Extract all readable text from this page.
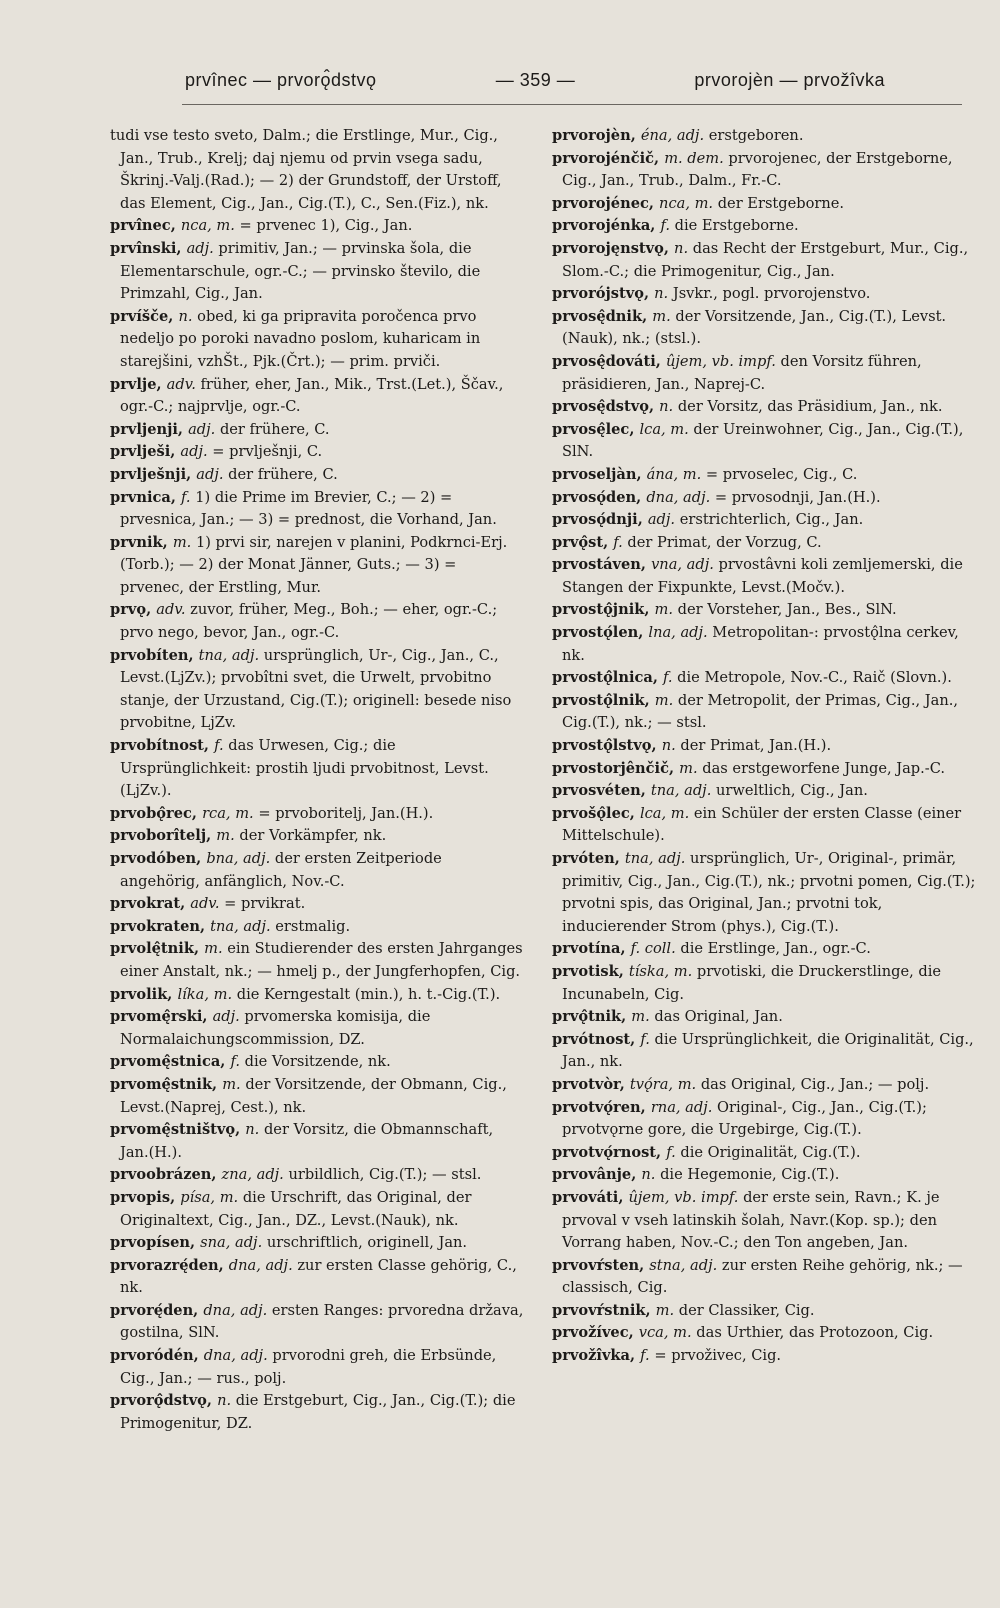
prvînec — prvorǫ̂dstvǫ	— 359 —	prvorojèn — prvožîvka

tudi vse testo sveto, Dalm.; die Erstlinge, Mur., Cig., Jan., Trub., Krelj; daj njemu od prvin vsega sadu, Škrinj.-Valj.(Rad.); — 2) der Grundstoff, der Urstoff, das Element, Cig., Jan., Cig.(T.), C., Sen.(Fiz.), nk.

prvînec, nca, m. = prvenec 1), Cig., Jan.

prvînski, adj. primitiv, Jan.; — prvinska šola, die Elementarschule, ogr.-C.; — prvinsko število, die Primzahl, Cig., Jan.

prvíšče, n. obed, ki ga pripravita poročenca prvo nedeljo po poroki navadno poslom, kuharicam in starejšini, vzhŠt., Pjk.(Črt.); — prim. prviči.

prvlje, adv. früher, eher, Jan., Mik., Trst.(Let.), Ščav., ogr.-C.; najprvlje, ogr.-C.

prvljenji, adj. der frühere, C.

prvlješi, adj. = prvlješnji, C.

prvlješnji, adj. der frühere, C.

prvnica, f. 1) die Prime im Brevier, C.; — 2) = prvesnica, Jan.; — 3) = prednost, die Vorhand, Jan.

prvnik, m. 1) prvi sir, narejen v planini, Podkrnci-Erj.(Torb.); — 2) der Monat Jänner, Guts.; — 3) = prvenec, der Erstling, Mur.

prvǫ, adv. zuvor, früher, Meg., Boh.; — eher, ogr.-C.; prvo nego, bevor, Jan., ogr.-C.

prvobíten, tna, adj. ursprünglich, Ur-, Cig., Jan., C., Levst.(LjZv.); prvobîtni svet, die Urwelt, prvobitno stanje, der Urzustand, Cig.(T.); originell: besede niso prvobitne, LjZv.

prvobítnost, f. das Urwesen, Cig.; die Ursprünglichkeit: prostih ljudi prvobitnost, Levst.(LjZv.).

prvobǫ̂rec, rca, m. = prvoboritelj, Jan.(H.).

prvoborîtelj, m. der Vorkämpfer, nk.

prvodóben, bna, adj. der ersten Zeitperiode angehörig, anfänglich, Nov.-C.

prvokrat, adv. = prvikrat.

prvokraten, tna, adj. erstmalig.

prvolę̂tnik, m. ein Studierender des ersten Jahrganges einer Anstalt, nk.; — hmelj p., der Jungferhopfen, Cig.

prvolik, líka, m. die Kerngestalt (min.), h. t.-Cig.(T.).

prvomę̂rski, adj. prvomerska komisija, die Normalaichungscommission, DZ.

prvomę̂stnica, f. die Vorsitzende, nk.

prvomę̂stnik, m. der Vorsitzende, der Obmann, Cig., Levst.(Naprej, Cest.), nk.

prvomę̂stništvǫ, n. der Vorsitz, die Obmannschaft, Jan.(H.).

prvoobrázen, zna, adj. urbildlich, Cig.(T.); — stsl.

prvopis, písa, m. die Urschrift, das Original, der Originaltext, Cig., Jan., DZ., Levst.(Nauk), nk.

prvopísen, sna, adj. urschriftlich, originell, Jan.

prvorazrę́den, dna, adj. zur ersten Classe gehörig, C., nk.

prvorę́den, dna, adj. ersten Ranges: prvoredna država, gostilna, SlN.

prvoródén, dna, adj. prvorodni greh, die Erbsünde, Cig., Jan.; — rus., polj.

prvorǫ̂dstvǫ, n. die Erstgeburt, Cig., Jan., Cig.(T.); die Primogenitur, DZ.

prvorojèn, éna, adj. erstgeboren.

prvorojénčič, m. dem. prvorojenec, der Erstgeborne, Cig., Jan., Trub., Dalm., Fr.-C.

prvorojénec, nca, m. der Erstgeborne.

prvorojénka, f. die Erstgeborne.

prvorojęnstvǫ, n. das Recht der Erstgeburt, Mur., Cig., Slom.-C.; die Primogenitur, Cig., Jan.

prvorójstvǫ, n. Jsvkr., pogl. prvorojenstvo.

prvosę̂dnik, m. der Vorsitzende, Jan., Cig.(T.), Levst.(Nauk), nk.; (stsl.).

prvosę̂dováti, ûjem, vb. impf. den Vorsitz führen, präsidieren, Jan., Naprej-C.

prvosę̂dstvǫ, n. der Vorsitz, das Präsidium, Jan., nk.

prvosę̂lec, lca, m. der Ureinwohner, Cig., Jan., Cig.(T.), SlN.

prvoseljàn, ána, m. = prvoselec, Cig., C.

prvosǫ́den, dna, adj. = prvosodnji, Jan.(H.).

prvosǫ́dnji, adj. erstrichterlich, Cig., Jan.

prvǫ̂st, f. der Primat, der Vorzug, C.

prvostáven, vna, adj. prvostâvni koli zemljemerski, die Stangen der Fixpunkte, Levst.(Močv.).

prvostǫ̂jnik, m. der Vorsteher, Jan., Bes., SlN.

prvostǫ́len, lna, adj. Metropolitan-: prvostǫ̂lna cerkev, nk.

prvostǫ̂lnica, f. die Metropole, Nov.-C., Raič (Slovn.).

prvostǫ̂lnik, m. der Metropolit, der Primas, Cig., Jan., Cig.(T.), nk.; — stsl.

prvostǫ̂lstvǫ, n. der Primat, Jan.(H.).

prvostorjênčič, m. das erstgeworfene Junge, Jap.-C.

prvosvéten, tna, adj. urweltlich, Cig., Jan.

prvošǫ̂lec, lca, m. ein Schüler der ersten Classe (einer Mittelschule).

prvóten, tna, adj. ursprünglich, Ur-, Original-, primär, primitiv, Cig., Jan., Cig.(T.), nk.; prvotni pomen, Cig.(T.); prvotni spis, das Original, Jan.; prvotni tok, inducierender Strom (phys.), Cig.(T.).

prvotína, f. coll. die Erstlinge, Jan., ogr.-C.

prvotisk, tíska, m. prvotiski, die Druckerstlinge, die Incunabeln, Cig.

prvǫ̂tnik, m. das Original, Jan.

prvótnost, f. die Ursprünglichkeit, die Originalität, Cig., Jan., nk.

prvotvòr, tvǫ́ra, m. das Original, Cig., Jan.; — polj.

prvotvǫ́ren, rna, adj. Original-, Cig., Jan., Cig.(T.); prvotvǫrne gore, die Urgebirge, Cig.(T.).

prvotvǫ́rnost, f. die Originalität, Cig.(T.).

prvovânje, n. die Hegemonie, Cig.(T.).

prvováti, ûjem, vb. impf. der erste sein, Ravn.; K. je prvoval v vseh latinskih šolah, Navr.(Kop. sp.); den Vorrang haben, Nov.-C.; den Ton angeben, Jan.

prvovŕsten, stna, adj. zur ersten Reihe gehörig, nk.; — classisch, Cig.

prvovŕstnik, m. der Classiker, Cig.

prvožívec, vca, m. das Urthier, das Protozoon, Cig.

prvožîvka, f. = prvoživec, Cig.
